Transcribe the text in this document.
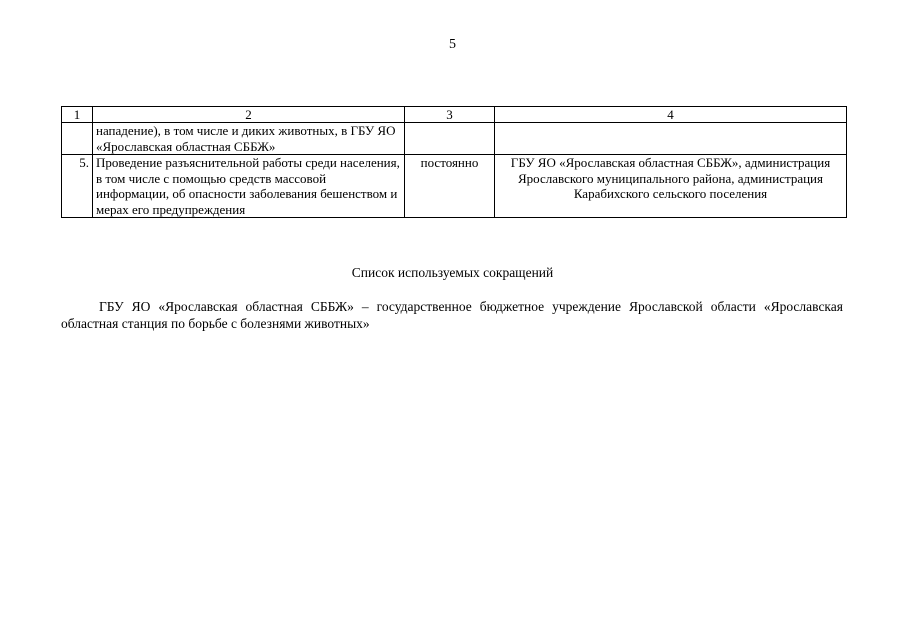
5
1	2	3	4
	нападение), в том числе и диких животных, в ГБУ ЯО «Ярославская областная СББЖ»		
5.	Проведение разъяснительной работы среди населения, в том числе с помощью средств массовой информации, об опасности заболевания бешенством и мерах его предупреждения	постоянно	ГБУ ЯО «Ярославская областная СББЖ», администрация Ярославского муниципального района, администрация Карабихского сельского поселения
Список используемых сокращений

ГБУ ЯО «Ярославская областная СББЖ» – государственное бюджетное учреждение Ярославской области «Ярославская областная станция по борьбе с болезнями животных»
